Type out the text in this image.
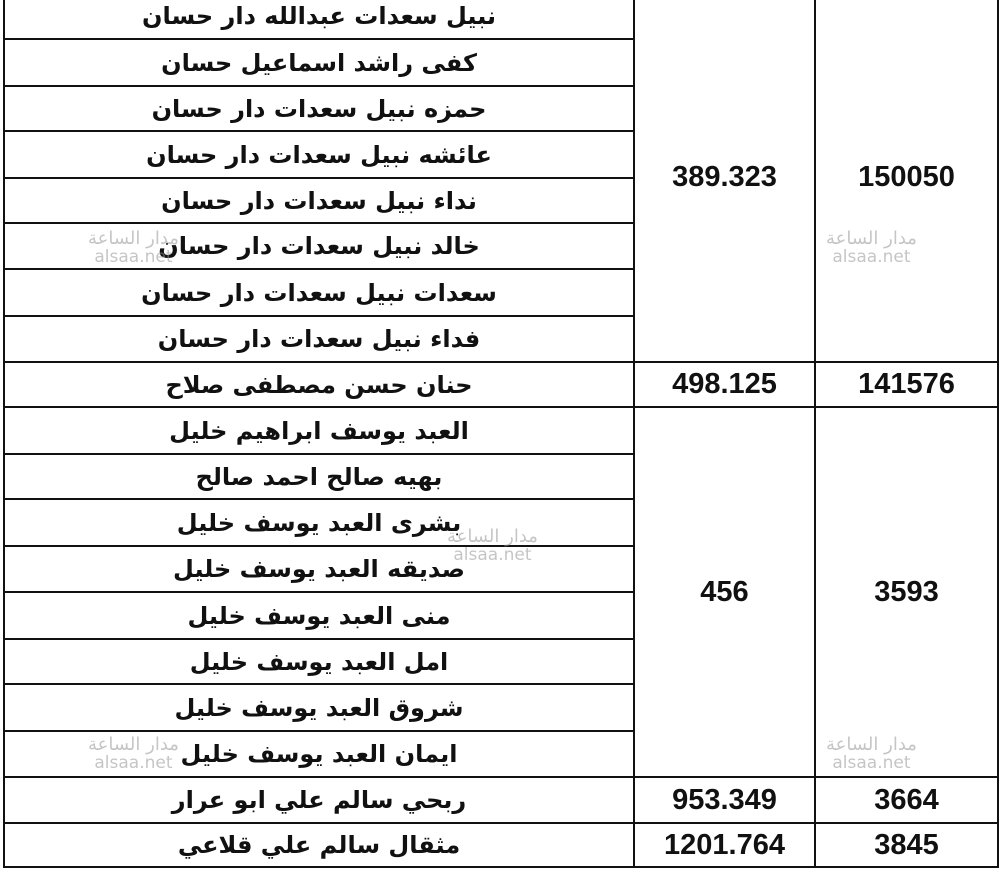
نبيل سعدات عبدالله دار حسان	389.323	150050
كفى راشد اسماعيل حسان		
حمزه نبيل سعدات دار حسان		
عائشه نبيل سعدات دار حسان		
نداء نبيل سعدات دار حسان		
خالد نبيل سعدات دار حسان		
سعدات نبيل سعدات دار حسان		
فداء نبيل سعدات دار حسان		
حنان حسن مصطفى صلاح	498.125	141576
العبد يوسف ابراهيم خليل	456	3593
بهيه صالح احمد صالح		
بشرى العبد يوسف خليل		
صديقه العبد يوسف خليل		
منى العبد يوسف خليل		
امل العبد يوسف خليل		
شروق العبد يوسف خليل		
ايمان العبد يوسف خليل		
ربحي سالم علي ابو عرار	953.349	3664
مثقال سالم علي قلاعي	1201.764	3845
مدار الساعة
alsaa.net
مدار الساعة
alsaa.net
مدار الساعة
alsaa.net
مدار الساعة
alsaa.net
مدار الساعة
alsaa.net
